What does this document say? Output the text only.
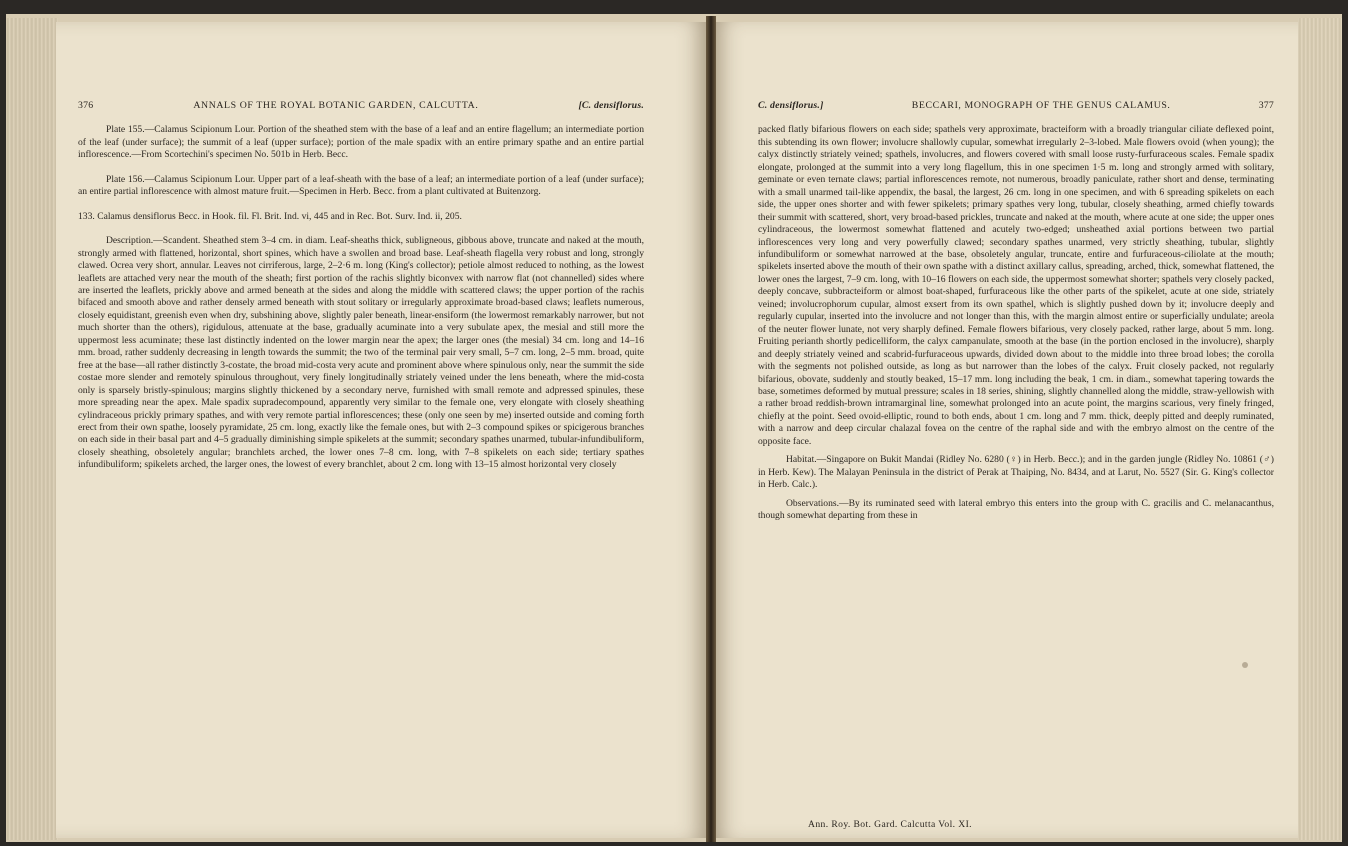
376	ANNALS OF THE ROYAL BOTANIC GARDEN, CALCUTTA.	[C. densiflorus.

Plate 155.—Calamus Scipionum Lour. Portion of the sheathed stem with the base of a leaf and an entire flagellum; an intermediate portion of the leaf (under surface); the summit of a leaf (upper surface); portion of the male spadix with an entire primary spathe and an entire partial inflorescence.—From Scortechini's specimen No. 501b in Herb. Becc.

Plate 156.—Calamus Scipionum Lour. Upper part of a leaf-sheath with the base of a leaf; an intermediate portion of a leaf (under surface); an entire partial inflorescence with almost mature fruit.—Specimen in Herb. Becc. from a plant cultivated at Buitenzorg.

133. Calamus densiflorus Becc. in Hook. fil. Fl. Brit. Ind. vi, 445 and in Rec. Bot. Surv. Ind. ii, 205.

Description.—Scandent. Sheathed stem 3–4 cm. in diam. Leaf-sheaths thick, subligneous, gibbous above, truncate and naked at the mouth, strongly armed with flattened, horizontal, short spines, which have a swollen and broad base. Leaf-sheath flagella very robust and long, strongly clawed. Ocrea very short, annular. Leaves not cirriferous, large, 2–2·6 m. long (King's collector); petiole almost reduced to nothing, as the lowest leaflets are attached very near the mouth of the sheath; first portion of the rachis slightly biconvex with narrow flat (not channelled) sides where are inserted the leaflets, prickly above and armed beneath at the sides and along the middle with scattered claws; the upper portion of the rachis bifaced and smooth above and rather densely armed beneath with stout solitary or irregularly approximate broad-based claws; leaflets numerous, closely equidistant, greenish even when dry, subshining above, slightly paler beneath, linear-ensiform (the lowermost remarkably narrower, but not much shorter than the others), rigidulous, attenuate at the base, gradually acuminate into a very subulate apex, the mesial and still more the uppermost less acuminate; these last distinctly indented on the lower margin near the apex; the larger ones (the mesial) 34 cm. long and 14–16 mm. broad, rather suddenly decreasing in length towards the summit; the two of the terminal pair very small, 5–7 cm. long, 2–5 mm. broad, quite free at the base—all rather distinctly 3-costate, the broad mid-costa very acute and prominent above where spinulous only, near the summit the side costae more slender and remotely spinulous throughout, very finely longitudinally striately veined under the lens beneath, where the mid-costa only is sparsely bristly-spinulous; margins slightly thickened by a secondary nerve, furnished with small remote and adpressed spinules, these more spreading near the apex. Male spadix supradecompound, apparently very similar to the female one, very elongate with closely sheathing cylindraceous prickly primary spathes, and with very remote partial inflorescences; these (only one seen by me) inserted outside and coming forth erect from their own spathe, loosely pyramidate, 25 cm. long, exactly like the female ones, but with 2–3 compound spikes or spicigerous branches on each side in their basal part and 4–5 gradually diminishing simple spikelets at the summit; secondary spathes unarmed, tubular-infundibuliform, closely sheathing, obsoletely angular; branchlets arched, the lower ones 7–8 cm. long, with 7–8 spikelets on each side; tertiary spathes infundibuliform; spikelets arched, the larger ones, the lowest of every branchlet, about 2 cm. long with 13–15 almost horizontal very closely

C. densiflorus.]	BECCARI, MONOGRAPH OF THE GENUS CALAMUS.	377

packed flatly bifarious flowers on each side; spathels very approximate, bracteiform with a broadly triangular ciliate deflexed point, this subtending its own flower; involucre shallowly cupular, somewhat irregularly 2–3-lobed. Male flowers ovoid (when young); the calyx distinctly striately veined; spathels, involucres, and flowers covered with small loose rusty-furfuraceous scales. Female spadix elongate, prolonged at the summit into a very long flagellum, this in one specimen 1·5 m. long and strongly armed with solitary, geminate or even ternate claws; partial inflorescences remote, not numerous, broadly paniculate, rather short and dense, terminating with a small unarmed tail-like appendix, the basal, the largest, 26 cm. long in one specimen, and with 6 spreading spikelets on each side, the upper ones shorter and with fewer spikelets; primary spathes very long, tubular, closely sheathing, armed chiefly towards their summit with scattered, short, very broad-based prickles, truncate and naked at the mouth, where acute at one side; the upper ones cylindraceous, the lowermost somewhat flattened and acutely two-edged; unsheathed axial portions between two partial inflorescences very long and very powerfully clawed; secondary spathes unarmed, very strictly sheathing, tubular, slightly infundibuliform or somewhat narrowed at the base, obsoletely angular, truncate, entire and furfuraceous-ciliolate at the mouth; spikelets inserted above the mouth of their own spathe with a distinct axillary callus, spreading, arched, thick, somewhat flattened, the lower ones the largest, 7–9 cm. long, with 10–16 flowers on each side, the uppermost somewhat shorter; spathels very closely packed, deeply concave, subbracteiform or almost boat-shaped, furfuraceous like the other parts of the spikelet, acute at one side, striately veined; involucrophorum cupular, almost exsert from its own spathel, which is slightly pushed down by it; involucre deeply and regularly cupular, inserted into the involucre and not longer than this, with the margin almost entire or superficially undulate; areola of the neuter flower lunate, not very sharply defined. Female flowers bifarious, very closely packed, rather large, about 5 mm. long. Fruiting perianth shortly pedicelliform, the calyx campanulate, smooth at the base (in the portion enclosed in the involucre), sharply and deeply striately veined and scabrid-furfuraceous upwards, divided down about to the middle into three broad lobes; the corolla with the segments not polished outside, as long as but narrower than the lobes of the calyx. Fruit closely packed, not regularly bifarious, obovate, suddenly and stoutly beaked, 15–17 mm. long including the beak, 1 cm. in diam., somewhat tapering towards the base, sometimes deformed by mutual pressure; scales in 18 series, shining, slightly channelled along the middle, straw-yellowish with a rather broad reddish-brown intramarginal line, somewhat prolonged into an acute point, the margins scarious, very finely fringed, chiefly at the point. Seed ovoid-elliptic, round to both ends, about 1 cm. long and 7 mm. thick, deeply pitted and deeply ruminated, with a narrow and deep circular chalazal fovea on the centre of the raphal side and with the embryo almost on the centre of the opposite face.

Habitat.—Singapore on Bukit Mandai (Ridley No. 6280 (♀) in Herb. Becc.); and in the garden jungle (Ridley No. 10861 (♂) in Herb. Kew). The Malayan Peninsula in the district of Perak at Thaiping, No. 8434, and at Larut, No. 5527 (Sir. G. King's collector in Herb. Calc.).

Observations.—By its ruminated seed with lateral embryo this enters into the group with C. gracilis and C. melanacanthus, though somewhat departing from these in

Ann. Roy. Bot. Gard. Calcutta Vol. XI.
